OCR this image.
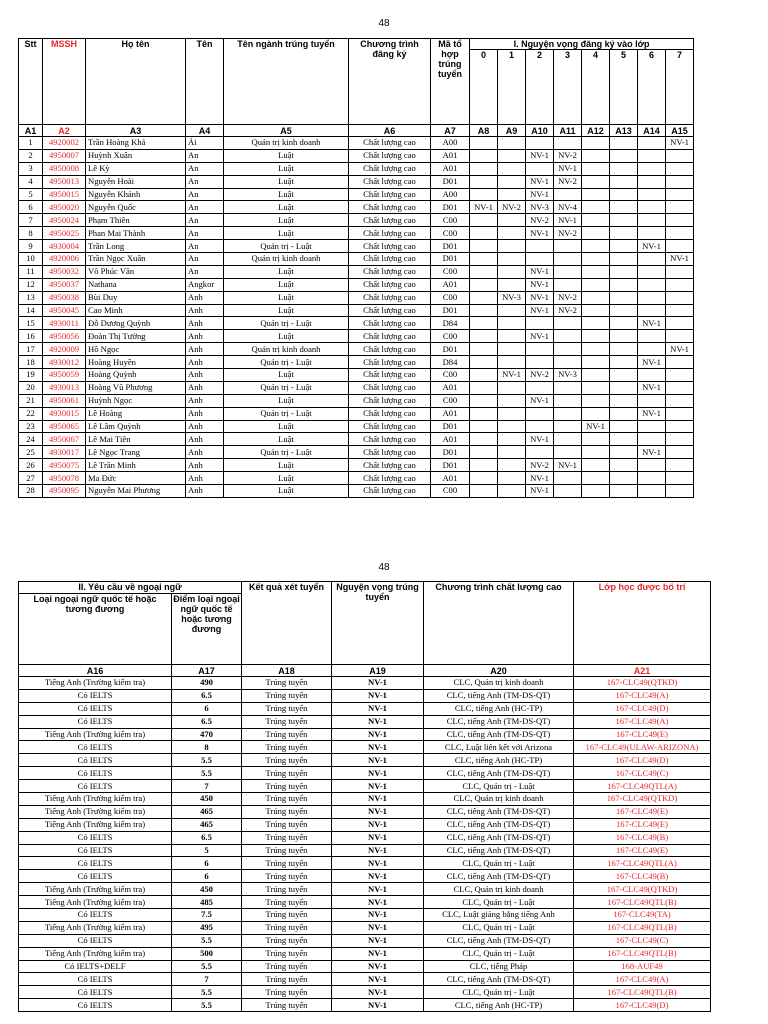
48
Stt	MSSH	Họ tên	Tên	Tên ngành trúng tuyển	Chương trình đăng ký	Mã tổ hợp trúng tuyển	I. Nguyện vọng đăng ký vào lớp							
							0	1	2	3	4	5	6	7
A1	A2	A3	A4	A5	A6	A7	A8	A9	A10	A11	A12	A13	A14	A15
1	4920002	Trần Hoàng Khả	Ái	Quản trị kinh doanh	Chất lượng cao	A00								NV-1
2	4950007	Huỳnh Xuân	An	Luật	Chất lượng cao	A01			NV-1	NV-2				
3	4950008	Lê Kỳ	An	Luật	Chất lượng cao	A01				NV-1				
4	4950013	Nguyễn Hoài	An	Luật	Chất lượng cao	D01			NV-1	NV-2				
5	4950015	Nguyễn Khánh	An	Luật	Chất lượng cao	A00			NV-1					
6	4950020	Nguyễn Quốc	An	Luật	Chất lượng cao	D01	NV-1	NV-2	NV-3	NV-4				
7	4950024	Phạm Thiên	An	Luật	Chất lượng cao	C00			NV-2	NV-1				
8	4950025	Phan Mai Thành	An	Luật	Chất lượng cao	C00			NV-1	NV-2				
9	4930004	Trần Long	An	Quản trị - Luật	Chất lượng cao	D01							NV-1	
10	4920006	Trần Ngọc Xuân	An	Quản trị kinh doanh	Chất lượng cao	D01								NV-1
11	4950032	Võ Phúc Văn	An	Luật	Chất lượng cao	C00			NV-1					
12	4950037	Nathana	Angkor	Luật	Chất lượng cao	A01			NV-1					
13	4950038	Bùi Duy	Anh	Luật	Chất lượng cao	C00		NV-3	NV-1	NV-2				
14	4950045	Cao Minh	Anh	Luật	Chất lượng cao	D01			NV-1	NV-2				
15	4930011	Đỗ Dương Quỳnh	Anh	Quản trị - Luật	Chất lượng cao	D84							NV-1	
16	4950056	Đoàn Thị Tường	Anh	Luật	Chất lượng cao	C00			NV-1					
17	4920009	Hồ Ngọc	Anh	Quản trị kinh doanh	Chất lượng cao	D01								NV-1
18	4930012	Hoàng Huyền	Anh	Quản trị - Luật	Chất lượng cao	D84							NV-1	
19	4950059	Hoàng Quỳnh	Anh	Luật	Chất lượng cao	C00		NV-1	NV-2	NV-3				
20	4930013	Hoàng Vũ Phương	Anh	Quản trị - Luật	Chất lượng cao	A01							NV-1	
21	4950061	Huỳnh Ngọc	Anh	Luật	Chất lượng cao	C00			NV-1					
22	4930015	Lê Hoàng	Anh	Quản trị - Luật	Chất lượng cao	A01							NV-1	
23	4950065	Lê Lâm Quỳnh	Anh	Luật	Chất lượng cao	D01					NV-1			
24	4950067	Lê Mai Tiên	Anh	Luật	Chất lượng cao	A01			NV-1					
25	4930017	Lê Ngọc Trang	Anh	Quản trị - Luật	Chất lượng cao	D01							NV-1	
26	4950075	Lê Trần Minh	Anh	Luật	Chất lượng cao	D01			NV-2	NV-1				
27	4950078	Ma Đức	Anh	Luật	Chất lượng cao	A01			NV-1					
28	4950095	Nguyễn Mai Phương	Anh	Luật	Chất lượng cao	C00			NV-1					
48
II. Yêu cầu về ngoại ngữ		Kết quả xét tuyển	Nguyện vọng trúng tuyển	Chương trình chất lượng cao	Lớp học được bố trí
Loại ngoại ngữ quốc tế hoặc tương đương	Điểm loại ngoại ngữ quốc tế hoặc tương đương				
A16	A17	A18	A19	A20	A21
Tiếng Anh (Trường kiểm tra)	490	Trúng tuyển	NV-1	CLC, Quản trị kinh doanh	167-CLC49(QTKD)
Có IELTS	6.5	Trúng tuyển	NV-1	CLC, tiếng Anh (TM-DS-QT)	167-CLC49(A)
Có IELTS	6	Trúng tuyển	NV-1	CLC, tiếng Anh (HC-TP)	167-CLC49(D)
Có IELTS	6.5	Trúng tuyển	NV-1	CLC, tiếng Anh (TM-DS-QT)	167-CLC49(A)
Tiếng Anh (Trường kiểm tra)	470	Trúng tuyển	NV-1	CLC, tiếng Anh (TM-DS-QT)	167-CLC49(E)
Có IELTS	8	Trúng tuyển	NV-1	CLC, Luật liên kết với Arizona	167-CLC49(ULAW-ARIZONA)
Có IELTS	5.5	Trúng tuyển	NV-1	CLC, tiếng Anh (HC-TP)	167-CLC49(D)
Có IELTS	5.5	Trúng tuyển	NV-1	CLC, tiếng Anh (TM-DS-QT)	167-CLC49(C)
Có IELTS	7	Trúng tuyển	NV-1	CLC, Quản trị - Luật	167-CLC49QTL(A)
Tiếng Anh (Trường kiểm tra)	450	Trúng tuyển	NV-1	CLC, Quản trị kinh doanh	167-CLC49(QTKD)
Tiếng Anh (Trường kiểm tra)	465	Trúng tuyển	NV-1	CLC, tiếng Anh (TM-DS-QT)	167-CLC49(E)
Tiếng Anh (Trường kiểm tra)	465	Trúng tuyển	NV-1	CLC, tiếng Anh (TM-DS-QT)	167-CLC49(E)
Có IELTS	6.5	Trúng tuyển	NV-1	CLC, tiếng Anh (TM-DS-QT)	167-CLC49(B)
Có IELTS	5	Trúng tuyển	NV-1	CLC, tiếng Anh (TM-DS-QT)	167-CLC49(E)
Có IELTS	6	Trúng tuyển	NV-1	CLC, Quản trị - Luật	167-CLC49QTL(A)
Có IELTS	6	Trúng tuyển	NV-1	CLC, tiếng Anh (TM-DS-QT)	167-CLC49(B)
Tiếng Anh (Trường kiểm tra)	450	Trúng tuyển	NV-1	CLC, Quản trị kinh doanh	167-CLC49(QTKD)
Tiếng Anh (Trường kiểm tra)	485	Trúng tuyển	NV-1	CLC, Quản trị - Luật	167-CLC49QTL(B)
Có IELTS	7.5	Trúng tuyển	NV-1	CLC, Luật giảng bằng tiếng Anh	167-CLC49(TA)
Tiếng Anh (Trường kiểm tra)	495	Trúng tuyển	NV-1	CLC, Quản trị - Luật	167-CLC49QTL(B)
Có IELTS	5.5	Trúng tuyển	NV-1	CLC, tiếng Anh (TM-DS-QT)	167-CLC49(C)
Tiếng Anh (Trường kiểm tra)	500	Trúng tuyển	NV-1	CLC, Quản trị - Luật	167-CLC49QTL(B)
Có IELTS+DELF	5.5	Trúng tuyển	NV-1	CLC, tiếng Pháp	168-AUF49
Có IELTS	7	Trúng tuyển	NV-1	CLC, tiếng Anh (TM-DS-QT)	167-CLC49(A)
Có IELTS	5.5	Trúng tuyển	NV-1	CLC, Quản trị - Luật	167-CLC49QTL(B)
Có IELTS	5.5	Trúng tuyển	NV-1	CLC, tiếng Anh (HC-TP)	167-CLC49(D)
